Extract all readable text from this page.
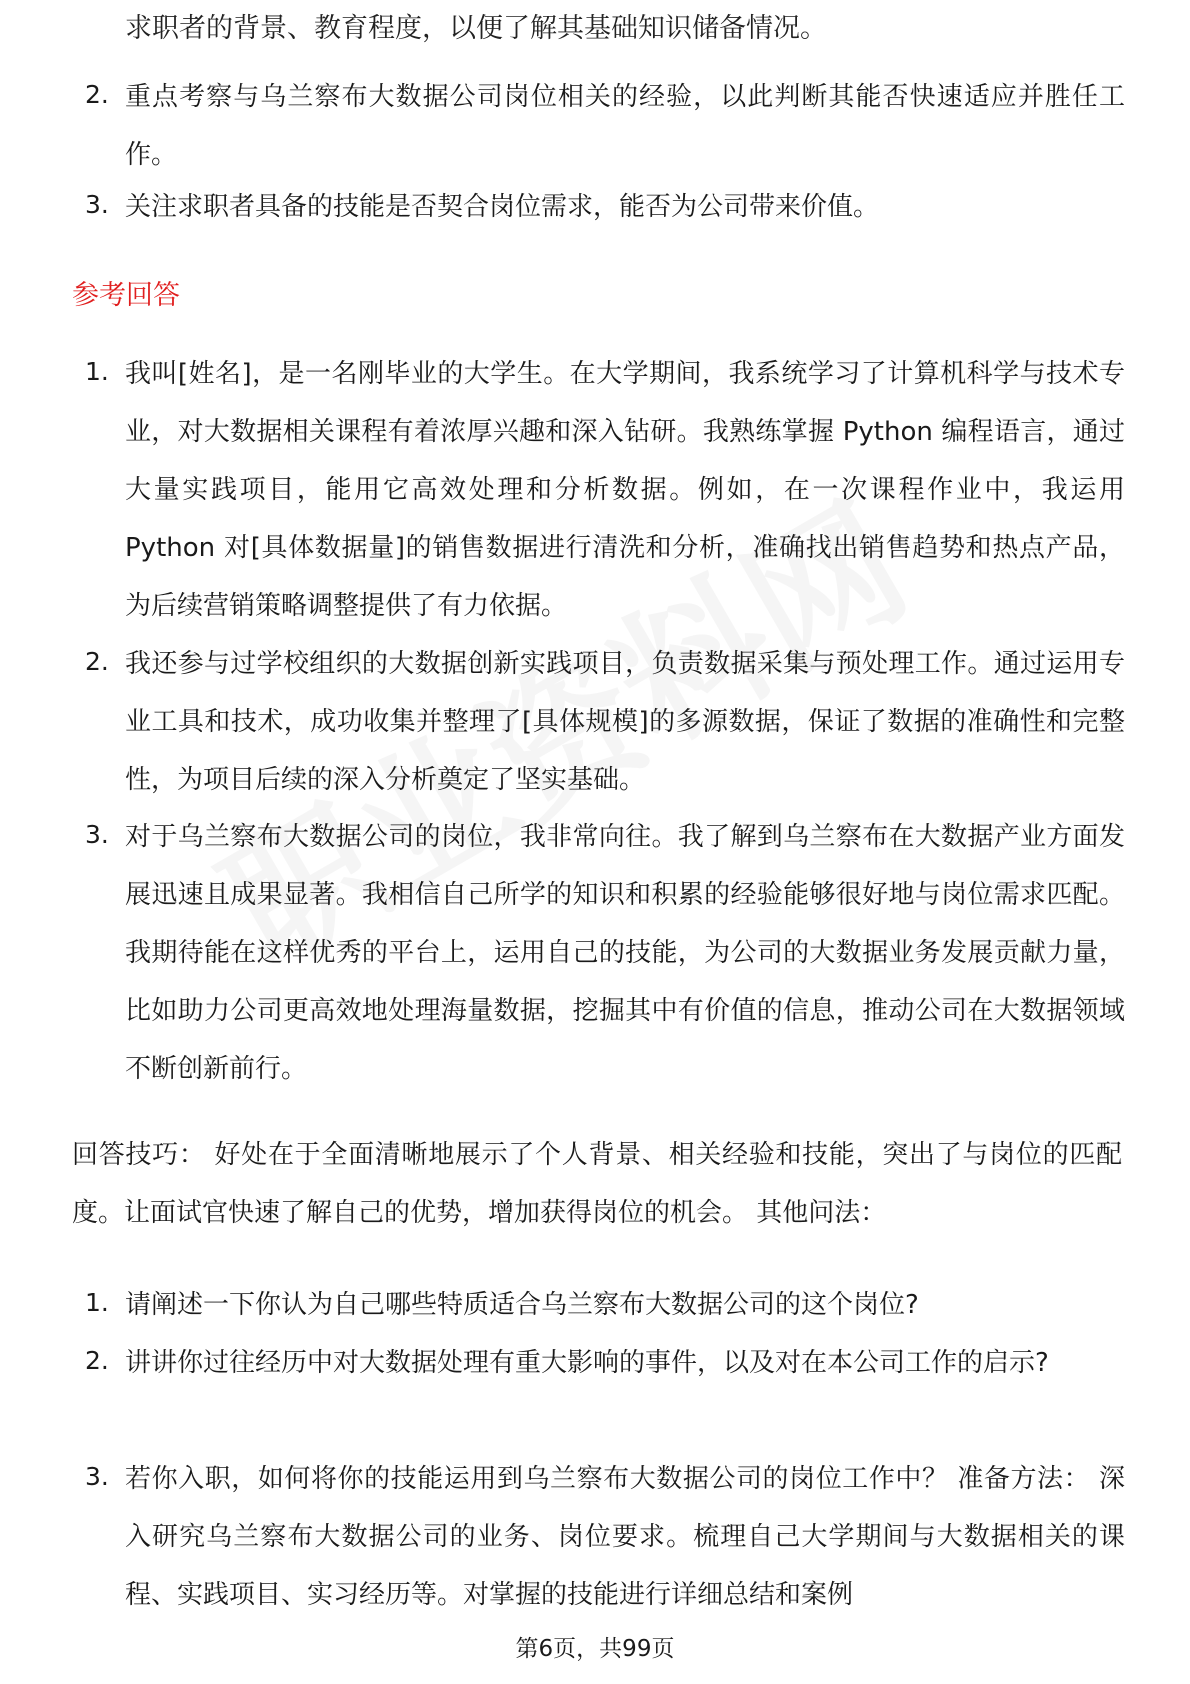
求职者的背景、教育程度，以便了解其基础知识储备情况。
2. 重点考察与乌兰察布大数据公司岗位相关的经验，以此判断其能否快速适应并胜任工作。
3. 关注求职者具备的技能是否契合岗位需求，能否为公司带来价值。
参考回答
1. 我叫[姓名]，是一名刚毕业的大学生。在大学期间，我系统学习了计算机科学与技术专业，对大数据相关课程有着浓厚兴趣和深入钻研。我熟练掌握 Python 编程语言，通过大量实践项目，能用它高效处理和分析数据。例如，在一次课程作业中，我运用 Python 对[具体数据量]的销售数据进行清洗和分析，准确找出销售趋势和热点产品，为后续营销策略调整提供了有力依据。
2. 我还参与过学校组织的大数据创新实践项目，负责数据采集与预处理工作。通过运用专业工具和技术，成功收集并整理了[具体规模]的多源数据，保证了数据的准确性和完整性，为项目后续的深入分析奠定了坚实基础。
3. 对于乌兰察布大数据公司的岗位，我非常向往。我了解到乌兰察布在大数据产业方面发展迅速且成果显著。我相信自己所学的知识和积累的经验能够很好地与岗位需求匹配。我期待能在这样优秀的平台上，运用自己的技能，为公司的大数据业务发展贡献力量，比如助力公司更高效地处理海量数据，挖掘其中有价值的信息，推动公司在大数据领域不断创新前行。
回答技巧： 好处在于全面清晰地展示了个人背景、相关经验和技能，突出了与岗位的匹配度。让面试官快速了解自己的优势，增加获得岗位的机会。 其他问法：
1. 请阐述一下你认为自己哪些特质适合乌兰察布大数据公司的这个岗位?
2. 讲讲你过往经历中对大数据处理有重大影响的事件，以及对在本公司工作的启示?
3. 若你入职，如何将你的技能运用到乌兰察布大数据公司的岗位工作中？ 准备方法： 深入研究乌兰察布大数据公司的业务、岗位要求。梳理自己大学期间与大数据相关的课程、实践项目、实习经历等。对掌握的技能进行详细总结和案例
第6页，共99页
